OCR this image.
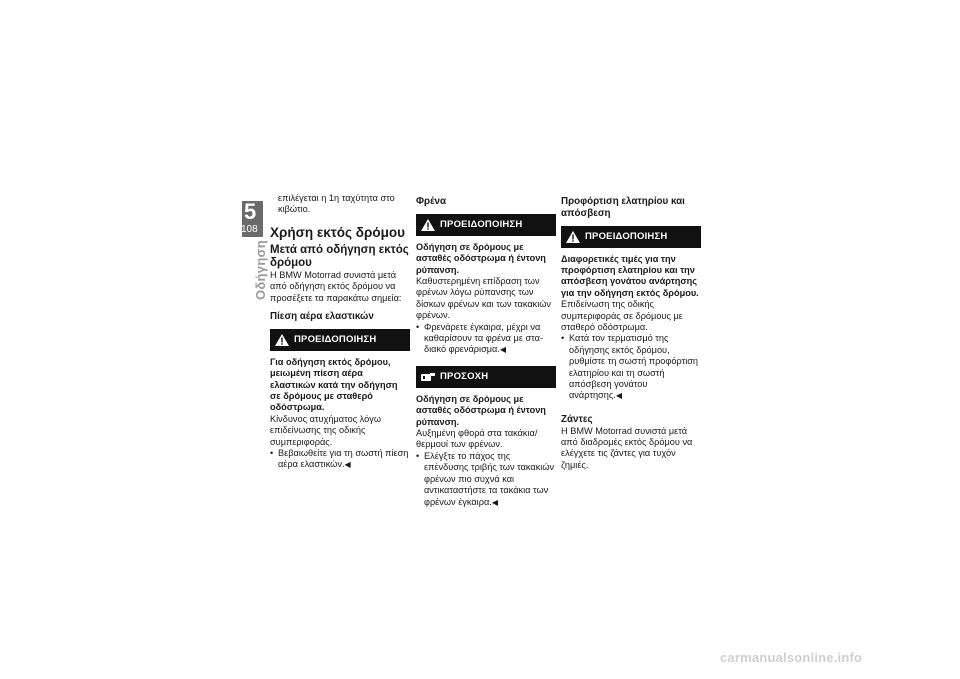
5
108
Οδήγηση

επιλέγεται η 1η ταχύτητα στο κιβώτιο.

Χρήση εκτός δρόμου

Μετά από οδήγηση εκτός δρόμου

Η BMW Motorrad συνιστά μετά από οδήγηση εκτός δρόμου να προσέξετε τα παρακάτω σημεία:

Πίεση αέρα ελαστικών

ΠΡΟΕΙΔΟΠΟΙΗΣΗ

Για οδήγηση εκτός δρόμου, μειωμένη πίεση αέρα ελαστικών κατά την οδήγηση σε δρόμους με σταθερό οδόστρωμα.

Κίνδυνος ατυχήματος λόγω επιδείνωσης της οδικής συμπεριφοράς.

• Βεβαιωθείτε για τη σωστή πίεση αέρα ελαστικών.◀

Φρένα

ΠΡΟΕΙΔΟΠΟΙΗΣΗ

Οδήγηση σε δρόμους με ασταθές οδόστρωμα ή έντονη ρύπανση.

Καθυστερημένη επίδραση των φρένων λόγω ρύπανσης των δίσκων φρένων και των τακακιών φρένων.

• Φρενάρετε έγκαιρα, μέχρι να καθαρίσουν τα φρένα με στα-διακό φρενάρισμα.◀
ΠΡΟΣΟΧΗ

Οδήγηση σε δρόμους με ασταθές οδόστρωμα ή έντονη ρύπανση.

Αυξημένη φθορά στα τακάκια/ θερμουί των φρένων.

• Ελέγξτε το πάχος της επένδυσης τριβής των τακακιών φρένων πιο συχνά και αντικαταστήστε τα τακάκια των φρένων έγκαιρα.◀

Προφόρτιση ελατηρίου και απόσβεση

ΠΡΟΕΙΔΟΠΟΙΗΣΗ

Διαφορετικές τιμές για την προφόρτιση ελατηρίου και την απόσβεση γονάτου ανάρτησης για την οδήγηση εκτός δρόμου.

Επιδείνωση της οδικής συμπεριφοράς σε δρόμους με σταθερό οδόστρωμα.

• Κατά τον τερματισμό της οδήγησης εκτός δρόμου, ρυθμίστε τη σωστή προφόρτιση ελατηρίου και τη σωστή απόσβεση γονάτου ανάρτησης.◀

Ζάντες

Η BMW Motorrad συνιστά μετά από διαδρομές εκτός δρόμου να ελέγχετε τις ζάντες για τυχόν ζημιές.

carmanualsonline.info
